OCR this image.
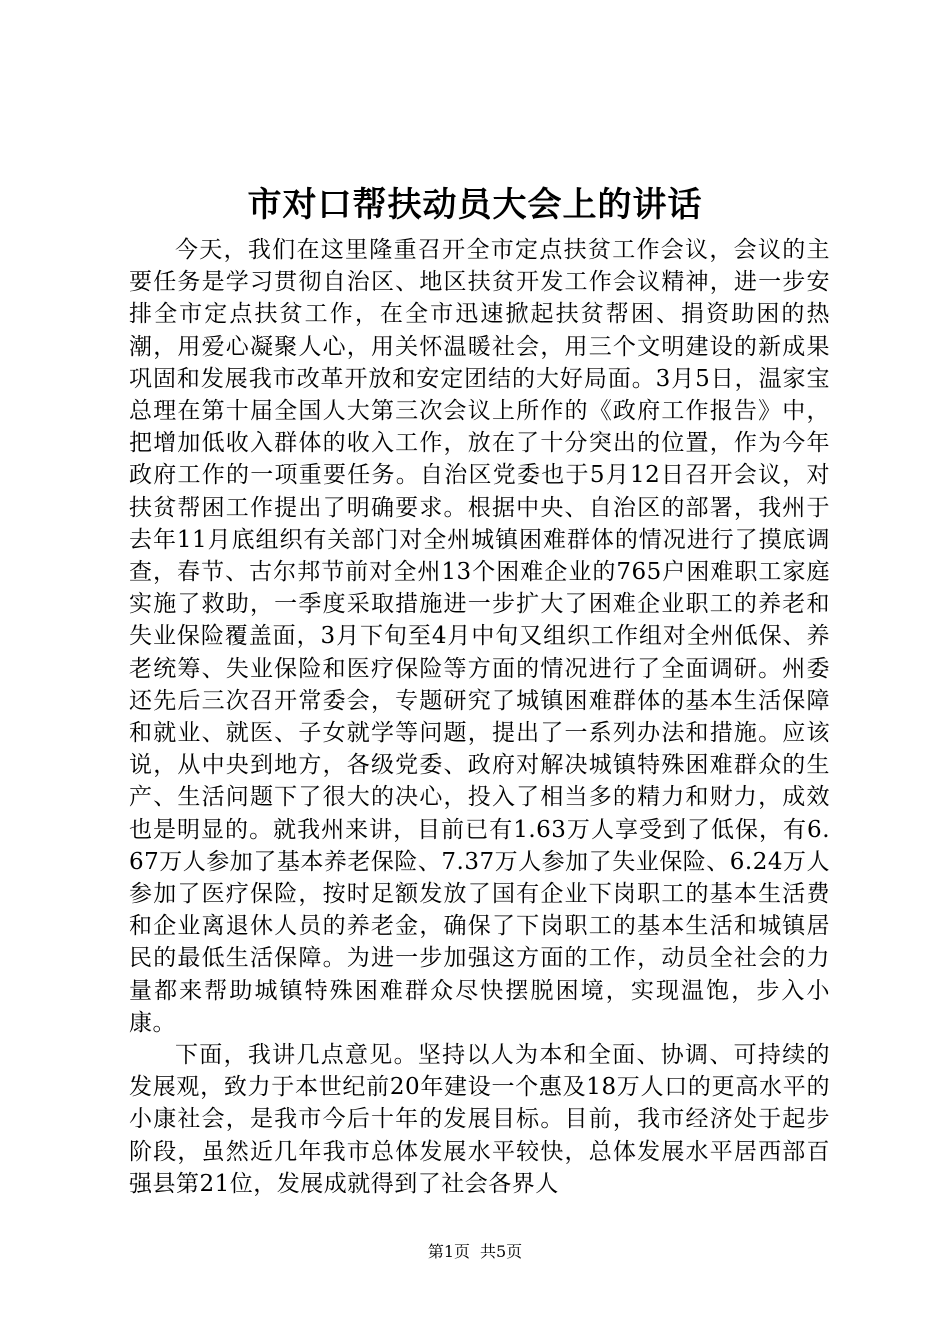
市对口帮扶动员大会上的讲话

今天，我们在这里隆重召开全市定点扶贫工作会议，会议的主要任务是学习贯彻自治区、地区扶贫开发工作会议精神，进一步安排全市定点扶贫工作，在全市迅速掀起扶贫帮困、捐资助困的热潮，用爱心凝聚人心，用关怀温暖社会，用三个文明建设的新成果巩固和发展我市改革开放和安定团结的大好局面。3月5日，温家宝总理在第十届全国人大第三次会议上所作的《政府工作报告》中，把增加低收入群体的收入工作，放在了十分突出的位置，作为今年政府工作的一项重要任务。自治区党委也于5月12日召开会议，对扶贫帮困工作提出了明确要求。根据中央、自治区的部署，我州于去年11月底组织有关部门对全州城镇困难群体的情况进行了摸底调查，春节、古尔邦节前对全州13个困难企业的765户困难职工家庭实施了救助，一季度采取措施进一步扩大了困难企业职工的养老和失业保险覆盖面，3月下旬至4月中旬又组织工作组对全州低保、养老统筹、失业保险和医疗保险等方面的情况进行了全面调研。州委还先后三次召开常委会，专题研究了城镇困难群体的基本生活保障和就业、就医、子女就学等问题，提出了一系列办法和措施。应该说，从中央到地方，各级党委、政府对解决城镇特殊困难群众的生产、生活问题下了很大的决心，投入了相当多的精力和财力，成效也是明显的。就我州来讲，目前已有1.63万人享受到了低保，有6.67万人参加了基本养老保险、7.37万人参加了失业保险、6.24万人参加了医疗保险，按时足额发放了国有企业下岗职工的基本生活费和企业离退休人员的养老金，确保了下岗职工的基本生活和城镇居民的最低生活保障。为进一步加强这方面的工作，动员全社会的力量都来帮助城镇特殊困难群众尽快摆脱困境，实现温饱，步入小康。

下面，我讲几点意见。坚持以人为本和全面、协调、可持续的发展观，致力于本世纪前20年建设一个惠及18万人口的更高水平的小康社会，是我市今后十年的发展目标。目前，我市经济处于起步阶段，虽然近几年我市总体发展水平较快，总体发展水平居西部百强县第21位，发展成就得到了社会各界人

第1页 共5页
